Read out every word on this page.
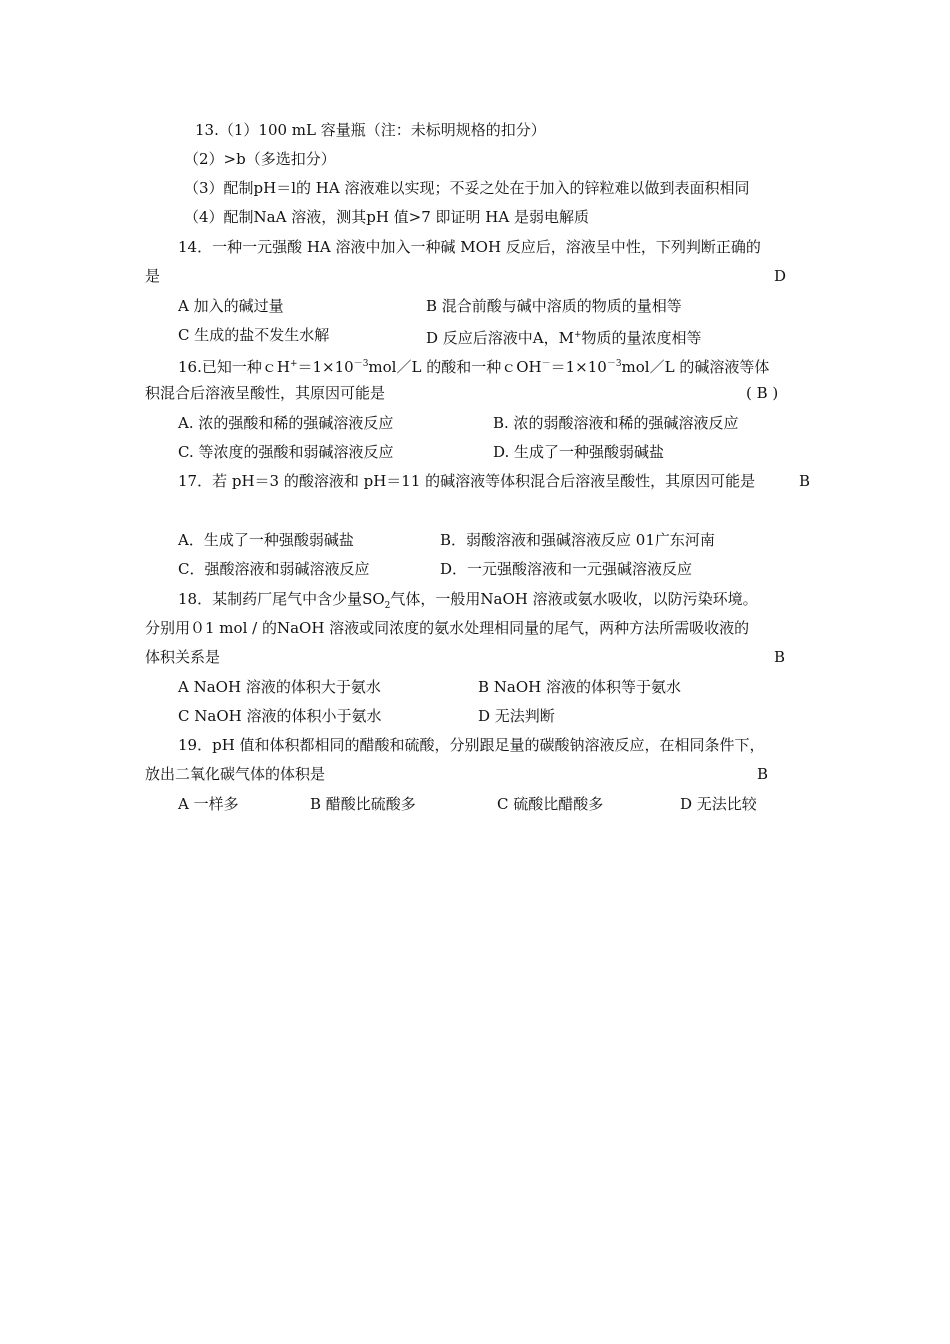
13.（1）100 mL 容量瓶（注：未标明规格的扣分）
（2）>b（多选扣分）
（3）配制pH＝l的 HA 溶液难以实现；不妥之处在于加入的锌粒难以做到表面积相同
（4）配制NaA 溶液，测其pH 值>7 即证明 HA 是弱电解质
14．一种一元强酸 HA 溶液中加入一种碱 MOH 反应后，溶液呈中性，下列判断正确的
是	D
A 加入的碱过量	B 混合前酸与碱中溶质的物质的量相等
C 生成的盐不发生水解	D 反应后溶液中A，M+物质的量浓度相等
16.已知一种$cH^+=1\times 10^{-3}mol/L$ 的酸和一种$cOH^-=1\times 10^{-3}mol/L$ 的碱溶液等体
积混合后溶液呈酸性，其原因可能是	( B )
A. 浓的强酸和稀的强碱溶液反应	B. 浓的弱酸溶液和稀的强碱溶液反应
C. 等浓度的强酸和弱碱溶液反应	D. 生成了一种强酸弱碱盐
17．若 pH＝3 的酸溶液和 pH＝11 的碱溶液等体积混合后溶液呈酸性，其原因可能是	B
A．生成了一种强酸弱碱盐	B．弱酸溶液和强碱溶液反应 01广东河南
C．强酸溶液和弱碱溶液反应	D．一元强酸溶液和一元强碱溶液反应
18．某制药厂尾气中含少量$SO_2$气体，一般用NaOH 溶液或氨水吸收，以防污染环境。
分别用０1 mol / 的NaOH 溶液或同浓度的氨水处理相同量的尾气，两种方法所需吸收液的
体积关系是	B
A NaOH 溶液的体积大于氨水	B NaOH 溶液的体积等于氨水
C NaOH 溶液的体积小于氨水	D 无法判断
19．pH 值和体积都相同的醋酸和硫酸，分别跟足量的碳酸钠溶液反应，在相同条件下，
放出二氧化碳气体的体积是	B
A 一样多	B 醋酸比硫酸多	C 硫酸比醋酸多	D 无法比较
